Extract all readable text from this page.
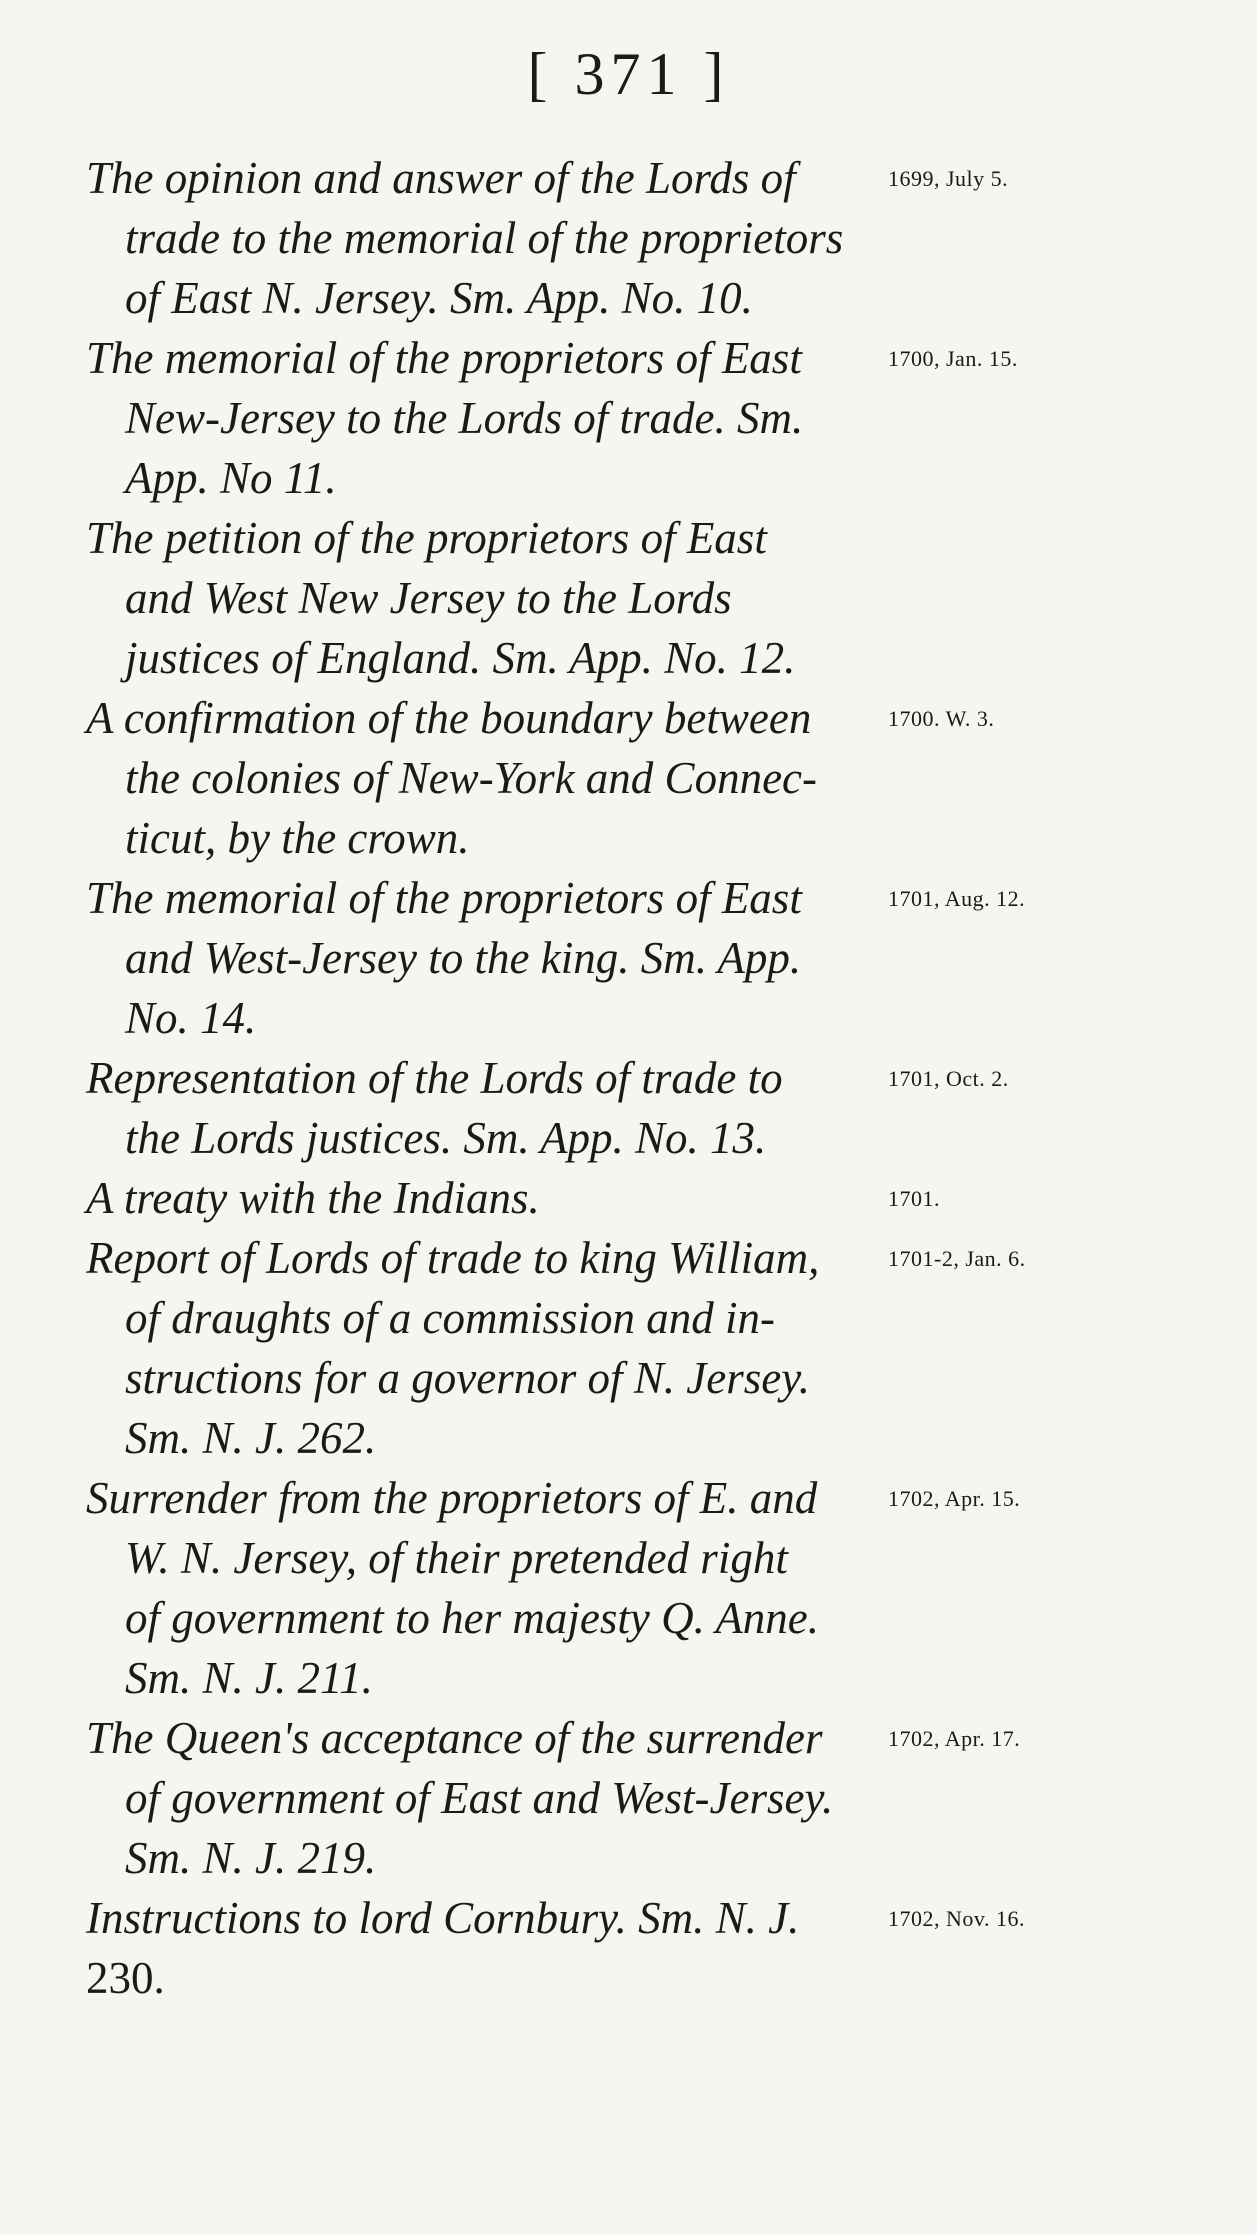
[ 371 ]
The opinion and answer of the Lords of
trade to the memorial of the proprietors
of East N. Jersey. Sm. App. No. 10.
1699, July 5.
The memorial of the proprietors of East
New-Jersey to the Lords of trade. Sm.
App. No 11.
1700, Jan. 15.
The petition of the proprietors of East
and West New Jersey to the Lords
justices of England. Sm. App. No. 12.
A confirmation of the boundary between
the colonies of New-York and Connec-
ticut, by the crown.
1700. W. 3.
The memorial of the proprietors of East
and West-Jersey to the king. Sm. App.
No. 14.
1701, Aug. 12.
Representation of the Lords of trade to
the Lords justices. Sm. App. No. 13.
1701, Oct. 2.
A treaty with the Indians.	1701.
Report of Lords of trade to king William,
of draughts of a commission and in-
structions for a governor of N. Jersey.
Sm. N. J. 262.
1701-2, Jan. 6.
Surrender from the proprietors of E. and
W. N. Jersey, of their pretended right
of government to her majesty Q. Anne.
Sm. N. J. 211.
1702, Apr. 15.
The Queen's acceptance of the surrender
of government of East and West-Jersey.
Sm. N. J. 219.
1702, Apr. 17.
Instructions to lord Cornbury. Sm. N. J.
230.
1702, Nov. 16.
